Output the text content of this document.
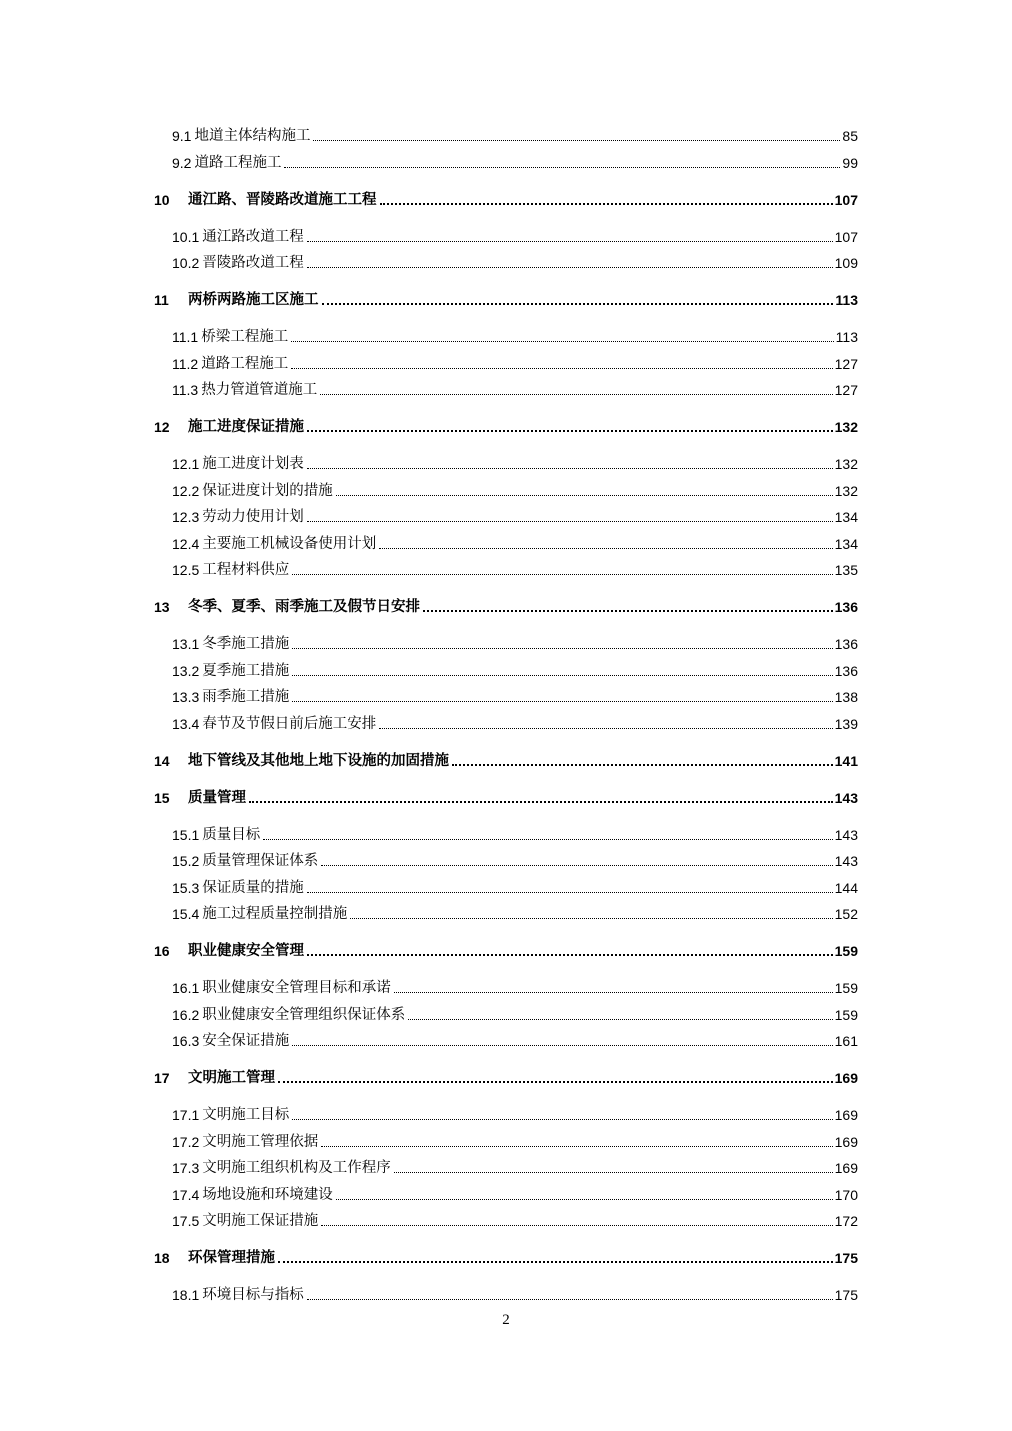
9.1 地道主体结构施工	85
9.2 道路工程施工	99
10	通江路、晋陵路改道施工工程	107
10.1 通江路改道工程	107
10.2 晋陵路改道工程	109
11	两桥两路施工区施工	113
11.1 桥梁工程施工	113
11.2 道路工程施工	127
11.3 热力管道管道施工	127
12	施工进度保证措施	132
12.1 施工进度计划表	132
12.2 保证进度计划的措施	132
12.3 劳动力使用计划	134
12.4 主要施工机械设备使用计划	134
12.5 工程材料供应	135
13	冬季、夏季、雨季施工及假节日安排	136
13.1 冬季施工措施	136
13.2 夏季施工措施	136
13.3 雨季施工措施	138
13.4 春节及节假日前后施工安排	139
14	地下管线及其他地上地下设施的加固措施	141
15	质量管理	143
15.1 质量目标	143
15.2 质量管理保证体系	143
15.3 保证质量的措施	144
15.4 施工过程质量控制措施	152
16	职业健康安全管理	159
16.1 职业健康安全管理目标和承诺	159
16.2 职业健康安全管理组织保证体系	159
16.3 安全保证措施	161
17	文明施工管理	169
17.1 文明施工目标	169
17.2 文明施工管理依据	169
17.3 文明施工组织机构及工作程序	169
17.4 场地设施和环境建设	170
17.5 文明施工保证措施	172
18	环保管理措施	175
18.1 环境目标与指标	175
2
